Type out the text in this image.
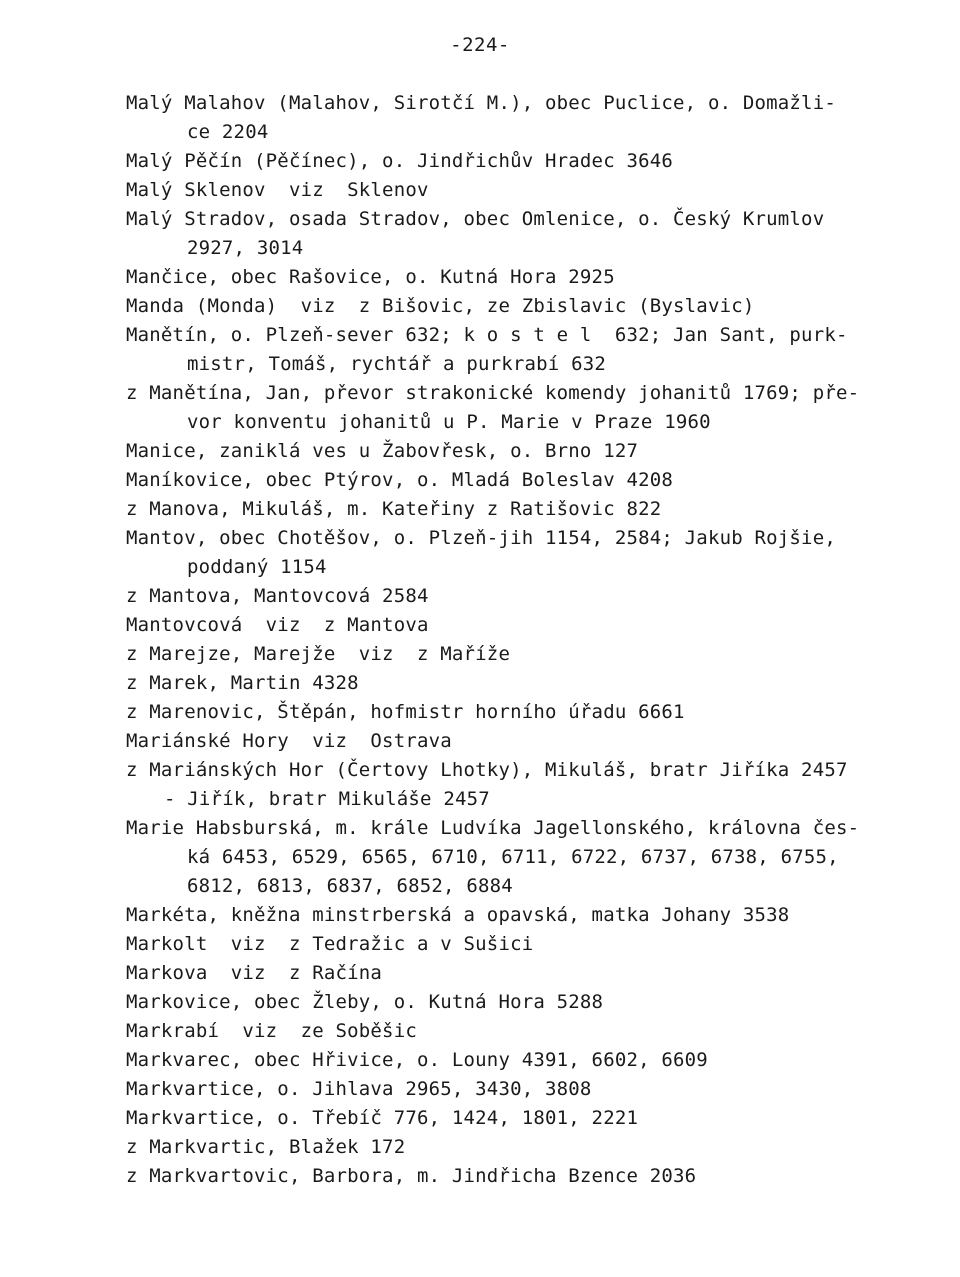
-224-
Malý Malahov (Malahov, Sirotčí M.), obec Puclice, o. Domažli-
ce 2204
Malý Pěčín (Pěčínec), o. Jindřichův Hradec 3646
Malý Sklenov  viz  Sklenov
Malý Stradov, osada Stradov, obec Omlenice, o. Český Krumlov
2927, 3014
Mančice, obec Rašovice, o. Kutná Hora 2925
Manda (Monda)  viz  z Bišovic, ze Zbislavic (Byslavic)
Manětín, o. Plzeň-sever 632; k o s t e l  632; Jan Sant, purk-
mistr, Tomáš, rychtář a purkrabí 632
z Manětína, Jan, převor strakonické komendy johanitů 1769; pře-
vor konventu johanitů u P. Marie v Praze 1960
Manice, zaniklá ves u Žabovřesk, o. Brno 127
Maníkovice, obec Ptýrov, o. Mladá Boleslav 4208
z Manova, Mikuláš, m. Kateřiny z Ratišovic 822
Mantov, obec Chotěšov, o. Plzeň-jih 1154, 2584; Jakub Rojšie,
poddaný 1154
z Mantova, Mantovcová 2584
Mantovcová  viz  z Mantova
z Marejze, Marejže  viz  z Maříže
z Marek, Martin 4328
z Marenovic, Štěpán, hofmistr horního úřadu 6661
Mariánské Hory  viz  Ostrava
z Mariánských Hor (Čertovy Lhotky), Mikuláš, bratr Jiříka 2457
- Jiřík, bratr Mikuláše 2457
Marie Habsburská, m. krále Ludvíka Jagellonského, královna čes-
ká 6453, 6529, 6565, 6710, 6711, 6722, 6737, 6738, 6755,
6812, 6813, 6837, 6852, 6884
Markéta, kněžna minstrberská a opavská, matka Johany 3538
Markolt  viz  z Tedražic a v Sušici
Markova  viz  z Račína
Markovice, obec Žleby, o. Kutná Hora 5288
Markrabí  viz  ze Soběšic
Markvarec, obec Hřivice, o. Louny 4391, 6602, 6609
Markvartice, o. Jihlava 2965, 3430, 3808
Markvartice, o. Třebíč 776, 1424, 1801, 2221
z Markvartic, Blažek 172
z Markvartovic, Barbora, m. Jindřicha Bzence 2036
